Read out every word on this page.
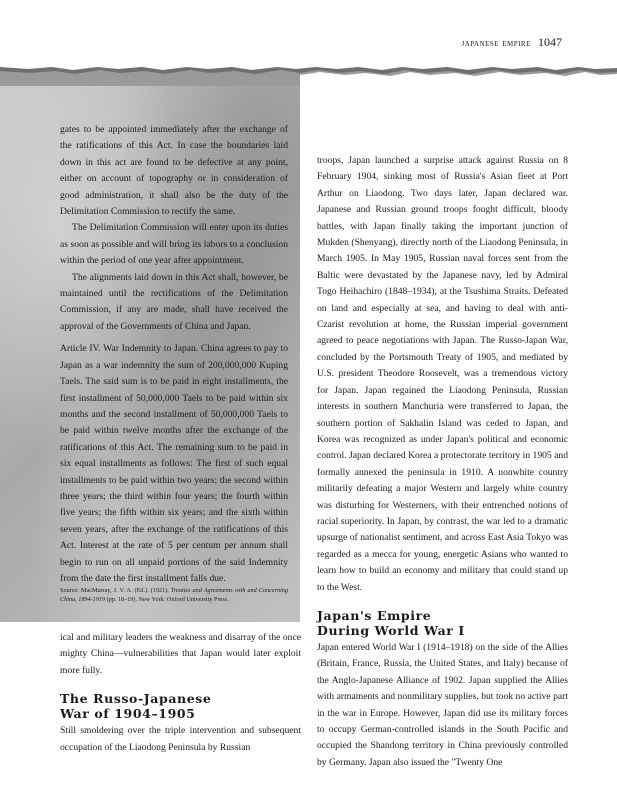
japanese empire 1047

gates to be appointed immediately after the exchange of the ratifications of this Act. In case the boundaries laid down in this act are found to be defective at any point, either on account of topography or in consideration of good administration, it shall also be the duty of the Delimitation Commission to rectify the same.

The Delimitation Commission will enter upon its duties as soon as possible and will bring its labors to a conclusion within the period of one year after appointment.

The alignments laid down in this Act shall, however, be maintained until the rectifications of the Delimitation Commission, if any are made, shall have received the approval of the Governments of China and Japan.

Article IV. War Indemnity to Japan. China agrees to pay to Japan as a war indemnity the sum of 200,000,000 Kuping Taels. The said sum is to be paid in eight installments, the first installment of 50,000,000 Taels to be paid within six months and the second installment of 50,000,000 Taels to be paid within twelve months after the exchange of the ratifications of this Act. The remaining sum to be paid in six equal installments as follows: The first of such equal installments to be paid within two years; the second within three years; the third within four years; the fourth within five years; the fifth within six years; and the sixth within seven years, after the exchange of the ratifications of this Act. Interest at the rate of 5 per centum per annum shall begin to run on all unpaid portions of the said Indemnity from the date the first installment falls due.

Source: MacMurray, J. V. A. (Ed.). (1921). Treaties and Agreements with and Concerning China, 1894-1919 (pp. 18–19). New York: Oxford University Press.

troops, Japan launched a surprise attack against Russia on 8 February 1904, sinking most of Russia's Asian fleet at Port Arthur on Liaodong. Two days later, Japan declared war. Japanese and Russian ground troops fought difficult, bloody battles, with Japan finally taking the important junction of Mukden (Shenyang), directly north of the Liaodong Peninsula, in March 1905. In May 1905, Russian naval forces sent from the Baltic were devastated by the Japanese navy, led by Admiral Togo Heihachiro (1848–1934), at the Tsushima Straits. Defeated on land and especially at sea, and having to deal with anti-Czarist revolution at home, the Russian imperial government agreed to peace negotiations with Japan. The Russo-Japan War, concluded by the Portsmouth Treaty of 1905, and mediated by U.S. president Theodore Roosevelt, was a tremendous victory for Japan. Japan regained the Liaodong Peninsula, Russian interests in southern Manchuria were transferred to Japan, the southern portion of Sakhalin Island was ceded to Japan, and Korea was recognized as under Japan's political and economic control. Japan declared Korea a protectorate territory in 1905 and formally annexed the peninsula in 1910. A nonwhite country militarily defeating a major Western and largely white country was disturbing for Westerners, with their entrenched notions of racial superiority. In Japan, by contrast, the war led to a dramatic upsurge of nationalist sentiment, and across East Asia Tokyo was regarded as a mecca for young, energetic Asians who wanted to learn how to build an economy and military that could stand up to the West.

Japan's Empire
During World War I

Japan entered World War I (1914–1918) on the side of the Allies (Britain, France, Russia, the United States, and Italy) because of the Anglo-Japanese Alliance of 1902. Japan supplied the Allies with armaments and nonmilitary supplies, but took no active part in the war in Europe. However, Japan did use its military forces to occupy German-controlled islands in the South Pacific and occupied the Shandong territory in China previously controlled by Germany. Japan also issued the "Twenty One

ical and military leaders the weakness and disarray of the once mighty China—vulnerabilities that Japan would later exploit more fully.

The Russo-Japanese
War of 1904–1905

Still smoldering over the triple intervention and subsequent occupation of the Liaodong Peninsula by Russian
